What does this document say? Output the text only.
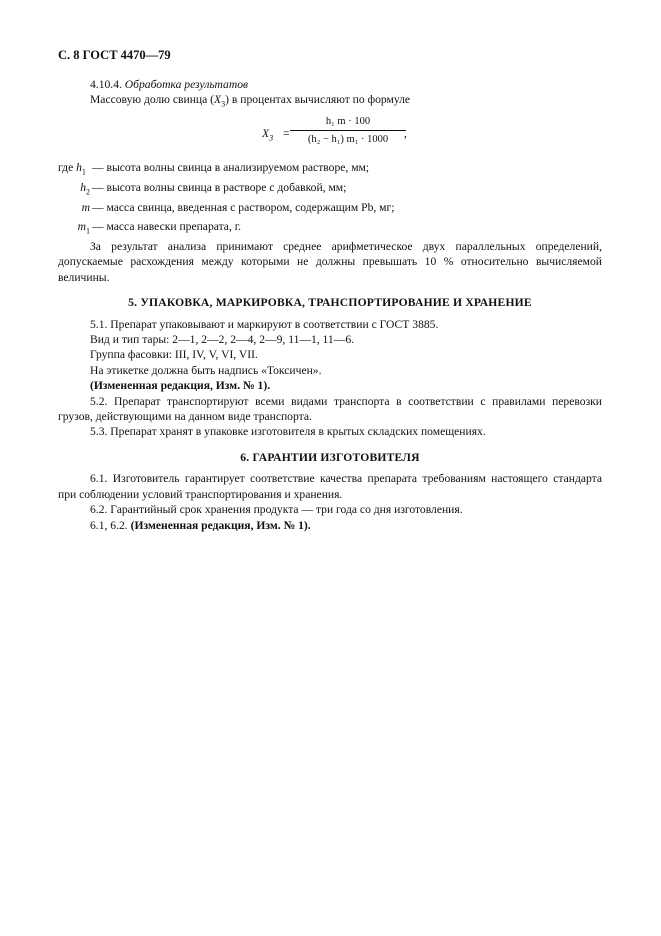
С. 8 ГОСТ 4470—79

4.10.4. Обработка результатов

Массовую долю свинца $(X_3)$ в процентах вычисляют по формуле

$X_3$ =
h₁ m · 100
(h₂ − h₁) m₁ · 1000	,
где $h_1$ — высота волны свинца в анализируемом растворе, мм;
$h_2$ — высота волны свинца в растворе с добавкой, мм;
m — масса свинца, введенная с раствором, содержащим Pb, мг;
$m_1$ — масса навески препарата, г.

За результат анализа принимают среднее арифметическое двух параллельных определений, допускаемые расхождения между которыми не должны превышать 10 % относительно вычисляемой величины.

5. УПАКОВКА, МАРКИРОВКА, ТРАНСПОРТИРОВАНИЕ И ХРАНЕНИЕ

5.1. Препарат упаковывают и маркируют в соответствии с ГОСТ 3885.

Вид и тип тары: 2—1, 2—2, 2—4, 2—9, 11—1, 11—6.

Группа фасовки: III, IV, V, VI, VII.

На этикетке должна быть надпись «Токсичен».

(Измененная редакция, Изм. № 1).

5.2. Препарат транспортируют всеми видами транспорта в соответствии с правилами перевозки грузов, действующими на данном виде транспорта.

5.3. Препарат хранят в упаковке изготовителя в крытых складских помещениях.

6. ГАРАНТИИ ИЗГОТОВИТЕЛЯ

6.1. Изготовитель гарантирует соответствие качества препарата требованиям настоящего стандарта при соблюдении условий транспортирования и хранения.

6.2. Гарантийный срок хранения продукта — три года со дня изготовления.

6.1, 6.2. (Измененная редакция, Изм. № 1).
